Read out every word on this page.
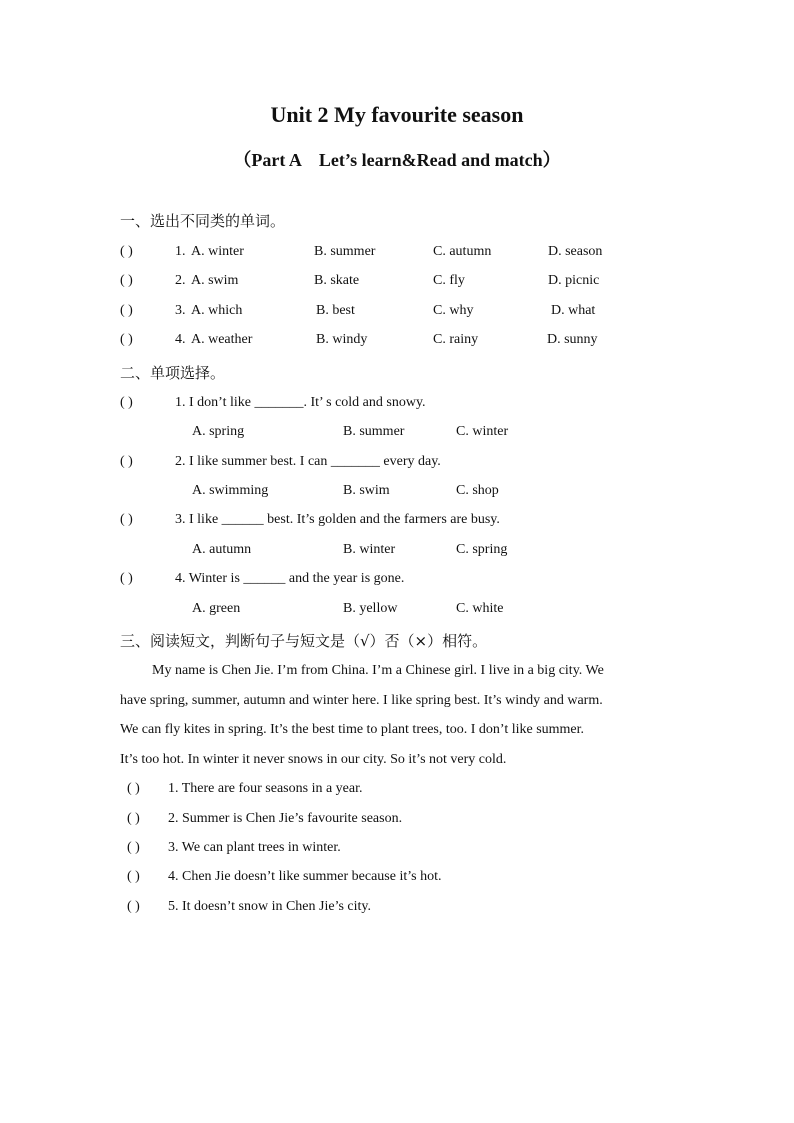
Unit 2 My favourite season
（Part A    Let’s learn&Read and match）
一、选出不同类的单词。
( )	1. A. winter	B. summer	C. autumn	D. season
( )	2. A. swim	B. skate	C. fly	D. picnic
( )	3. A. which	B. best	C. why	D. what
( )	4. A. weather	B. windy	C. rainy	D. sunny
二、单项选择。
( )	1. I don’t like _______. It’ s cold and snowy.
A. spring	B. summer	C. winter
( )	2. I like summer best. I can _______ every day.
A. swimming	B. swim	C. shop
( )	3. I like ______ best. It’s golden and the farmers are busy.
A. autumn	B. winter	C. spring
( )	4. Winter is ______ and the year is gone.
A. green	B. yellow	C. white
三、阅读短文，判断句子与短文是（√）否（×）相符。
My name is Chen Jie. I’m from China. I’m a Chinese girl. I live in a big city. We
have spring, summer, autumn and winter here. I like spring best. It’s windy and warm.
We can fly kites in spring. It’s the best time to plant trees, too. I don’t like summer.
It’s too hot. In winter it never snows in our city. So it’s not very cold.
( ) 1. There are four seasons in a year.
( ) 2. Summer is Chen Jie’s favourite season.
( ) 3. We can plant trees in winter.
( ) 4. Chen Jie doesn’t like summer because it’s hot.
( ) 5. It doesn’t snow in Chen Jie’s city.
